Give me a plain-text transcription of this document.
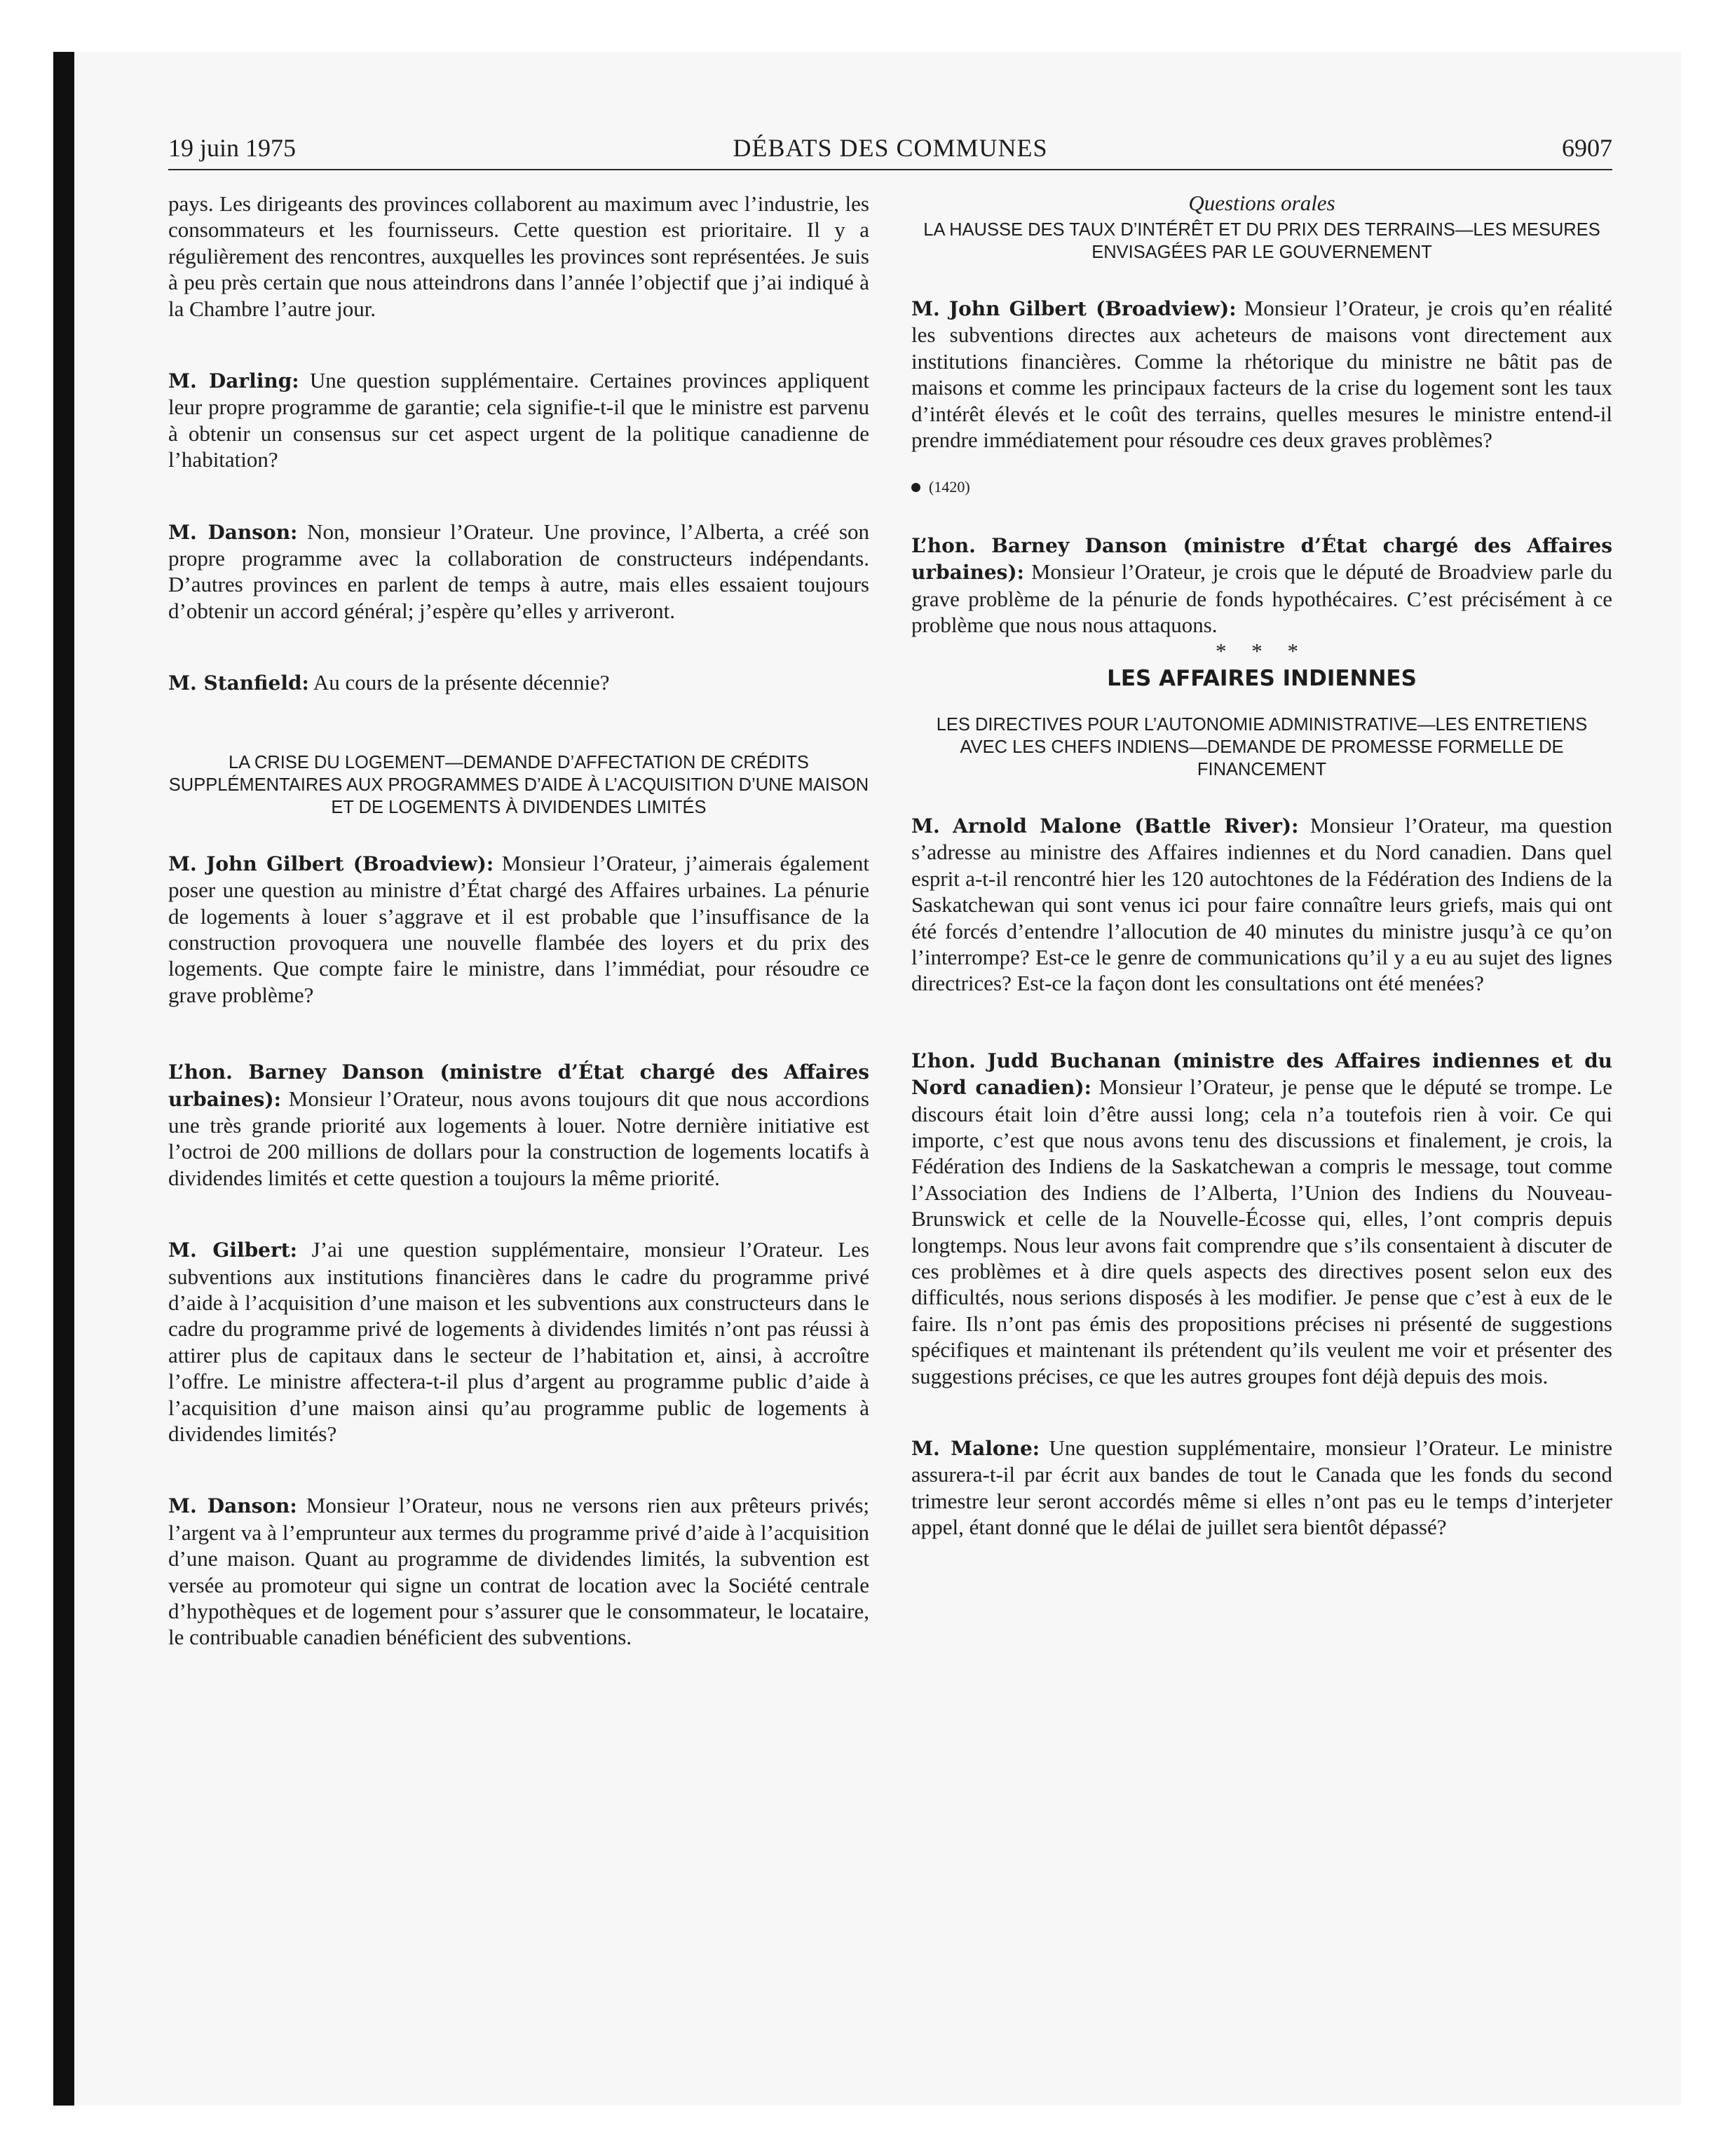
DÉBATS DES COMMUNES
19 juin 1975	6907

pays. Les dirigeants des provinces collaborent au maximum avec l’industrie, les consommateurs et les fournisseurs. Cette question est prioritaire. Il y a régulièrement des rencontres, auxquelles les provinces sont représentées. Je suis à peu près certain que nous atteindrons dans l’année l’objectif que j’ai indiqué à la Chambre l’autre jour.

M. Darling: Une question supplémentaire. Certaines provinces appliquent leur propre programme de garantie; cela signifie-t-il que le ministre est parvenu à obtenir un consensus sur cet aspect urgent de la politique canadienne de l’habitation?

M. Danson: Non, monsieur l’Orateur. Une province, l’Alberta, a créé son propre programme avec la collaboration de constructeurs indépendants. D’autres provinces en parlent de temps à autre, mais elles essaient toujours d’obtenir un accord général; j’espère qu’elles y arriveront.

M. Stanfield: Au cours de la présente décennie?

LA CRISE DU LOGEMENT—DEMANDE D’AFFECTATION DE CRÉDITS SUPPLÉMENTAIRES AUX PROGRAMMES D’AIDE À L’ACQUISITION D’UNE MAISON ET DE LOGEMENTS À DIVIDENDES LIMITÉS

M. John Gilbert (Broadview): Monsieur l’Orateur, j’aimerais également poser une question au ministre d’État chargé des Affaires urbaines. La pénurie de logements à louer s’aggrave et il est probable que l’insuffisance de la construction provoquera une nouvelle flambée des loyers et du prix des logements. Que compte faire le ministre, dans l’immédiat, pour résoudre ce grave problème?

L’hon. Barney Danson (ministre d’État chargé des Affaires urbaines): Monsieur l’Orateur, nous avons toujours dit que nous accordions une très grande priorité aux logements à louer. Notre dernière initiative est l’octroi de 200 millions de dollars pour la construction de logements locatifs à dividendes limités et cette question a toujours la même priorité.

M. Gilbert: J’ai une question supplémentaire, monsieur l’Orateur. Les subventions aux institutions financières dans le cadre du programme privé d’aide à l’acquisition d’une maison et les subventions aux constructeurs dans le cadre du programme privé de logements à dividendes limités n’ont pas réussi à attirer plus de capitaux dans le secteur de l’habitation et, ainsi, à accroître l’offre. Le ministre affectera-t-il plus d’argent au programme public d’aide à l’acquisition d’une maison ainsi qu’au programme public de logements à dividendes limités?

M. Danson: Monsieur l’Orateur, nous ne versons rien aux prêteurs privés; l’argent va à l’emprunteur aux termes du programme privé d’aide à l’acquisition d’une maison. Quant au programme de dividendes limités, la subvention est versée au promoteur qui signe un contrat de location avec la Société centrale d’hypothèques et de logement pour s’assurer que le consommateur, le locataire, le contribuable canadien bénéficient des subventions.

Questions orales

LA HAUSSE DES TAUX D’INTÉRÊT ET DU PRIX DES TERRAINS—LES MESURES ENVISAGÉES PAR LE GOUVERNEMENT

M. John Gilbert (Broadview): Monsieur l’Orateur, je crois qu’en réalité les subventions directes aux acheteurs de maisons vont directement aux institutions financières. Comme la rhétorique du ministre ne bâtit pas de maisons et comme les principaux facteurs de la crise du logement sont les taux d’intérêt élevés et le coût des terrains, quelles mesures le ministre entend-il prendre immédiatement pour résoudre ces deux graves problèmes?

(1420)

L’hon. Barney Danson (ministre d’État chargé des Affaires urbaines): Monsieur l’Orateur, je crois que le député de Broadview parle du grave problème de la pénurie de fonds hypothécaires. C’est précisément à ce problème que nous nous attaquons.

* * *

LES AFFAIRES INDIENNES

LES DIRECTIVES POUR L’AUTONOMIE ADMINISTRATIVE—LES ENTRETIENS AVEC LES CHEFS INDIENS—DEMANDE DE PROMESSE FORMELLE DE FINANCEMENT

M. Arnold Malone (Battle River): Monsieur l’Orateur, ma question s’adresse au ministre des Affaires indiennes et du Nord canadien. Dans quel esprit a-t-il rencontré hier les 120 autochtones de la Fédération des Indiens de la Saskatchewan qui sont venus ici pour faire connaître leurs griefs, mais qui ont été forcés d’entendre l’allocution de 40 minutes du ministre jusqu’à ce qu’on l’interrompe? Est-ce le genre de communications qu’il y a eu au sujet des lignes directrices? Est-ce la façon dont les consultations ont été menées?

L’hon. Judd Buchanan (ministre des Affaires indiennes et du Nord canadien): Monsieur l’Orateur, je pense que le député se trompe. Le discours était loin d’être aussi long; cela n’a toutefois rien à voir. Ce qui importe, c’est que nous avons tenu des discussions et finalement, je crois, la Fédération des Indiens de la Saskatchewan a compris le message, tout comme l’Association des Indiens de l’Alberta, l’Union des Indiens du Nouveau-Brunswick et celle de la Nouvelle-Écosse qui, elles, l’ont compris depuis longtemps. Nous leur avons fait comprendre que s’ils consentaient à discuter de ces problèmes et à dire quels aspects des directives posent selon eux des difficultés, nous serions disposés à les modifier. Je pense que c’est à eux de le faire. Ils n’ont pas émis des propositions précises ni présenté de suggestions spécifiques et maintenant ils prétendent qu’ils veulent me voir et présenter des suggestions précises, ce que les autres groupes font déjà depuis des mois.

M. Malone: Une question supplémentaire, monsieur l’Orateur. Le ministre assurera-t-il par écrit aux bandes de tout le Canada que les fonds du second trimestre leur seront accordés même si elles n’ont pas eu le temps d’interjeter appel, étant donné que le délai de juillet sera bientôt dépassé?
